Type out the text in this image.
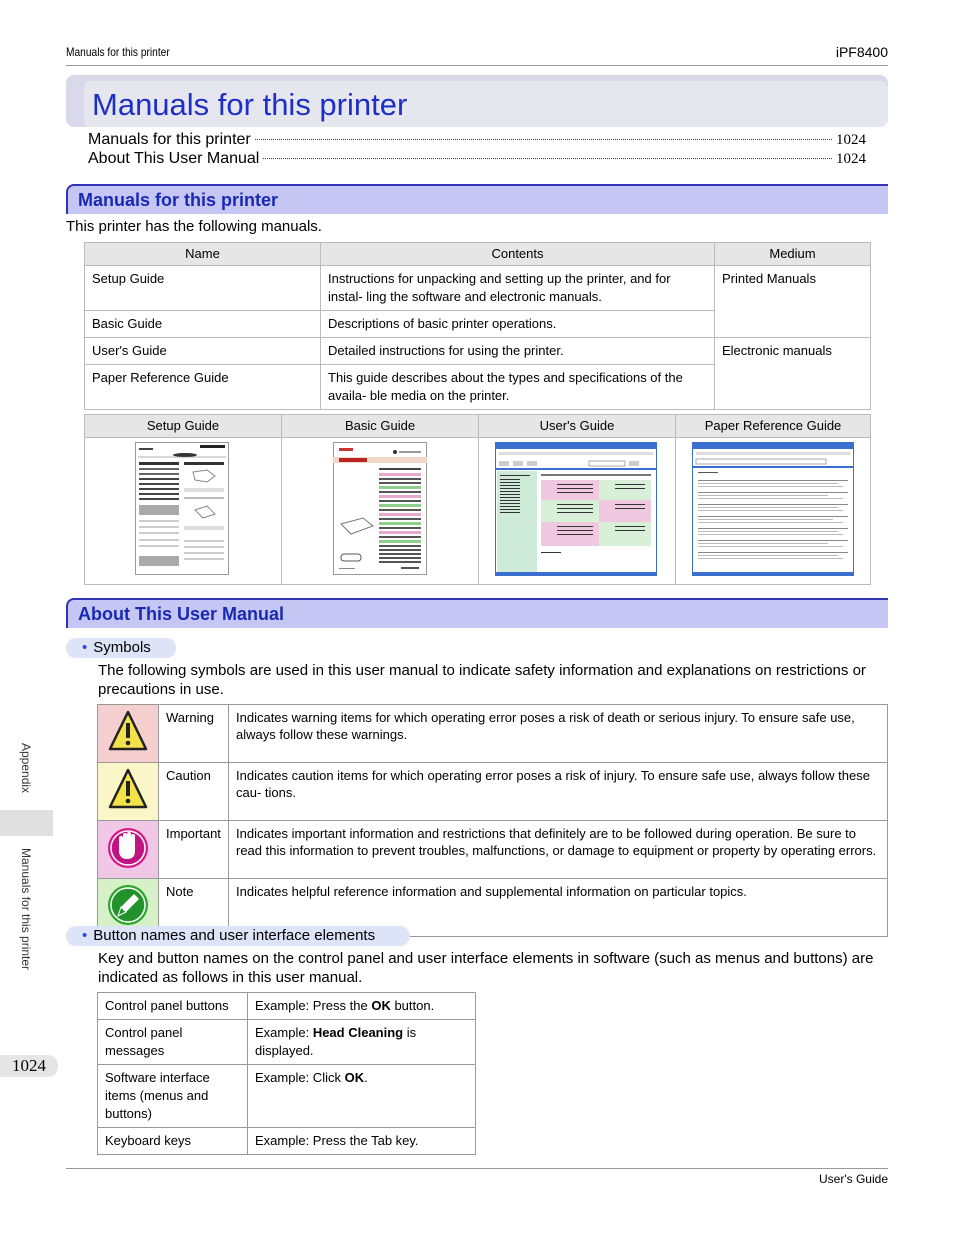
Manuals for this printer	iPF8400
Manuals for this printer
Manuals for this printer	1024
About This User Manual	1024
Manuals for this printer
This printer has the following manuals.
Name	Contents	Medium
Setup Guide	Instructions for unpacking and setting up the printer, and for instal- ling the software and electronic manuals.	Printed Manuals
Basic Guide	Descriptions of basic printer operations.	
User's Guide	Detailed instructions for using the printer.	Electronic manuals
Paper Reference Guide	This guide describes about the types and specifications of the availa- ble media on the printer.	
Setup Guide	Basic Guide	User's Guide	Paper Reference Guide

About This User Manual
• Symbols
The following symbols are used in this user manual to indicate safety information and explanations on restrictions or precautions in use.
	Warning	Indicates warning items for which operating error poses a risk of death or serious injury. To ensure safe use, always follow these warnings.
	Caution	Indicates caution items for which operating error poses a risk of injury. To ensure safe use, always follow these cau- tions.
	Important	Indicates important information and restrictions that definitely are to be followed during operation. Be sure to read this information to prevent troubles, malfunctions, or damage to equipment or property by operating errors.
	Note	Indicates helpful reference information and supplemental information on particular topics.
• Button names and user interface elements
Key and button names on the control panel and user interface elements in software (such as menus and buttons) are indicated as follows in this user manual.
Control panel buttons	Example: Press the OK button.
Control panel messages	Example: Head Cleaning is displayed.
Software interface items (menus and buttons)	Example: Click OK.
Keyboard keys	Example: Press the Tab key.
Appendix
Manuals for this printer
1024
User's Guide
